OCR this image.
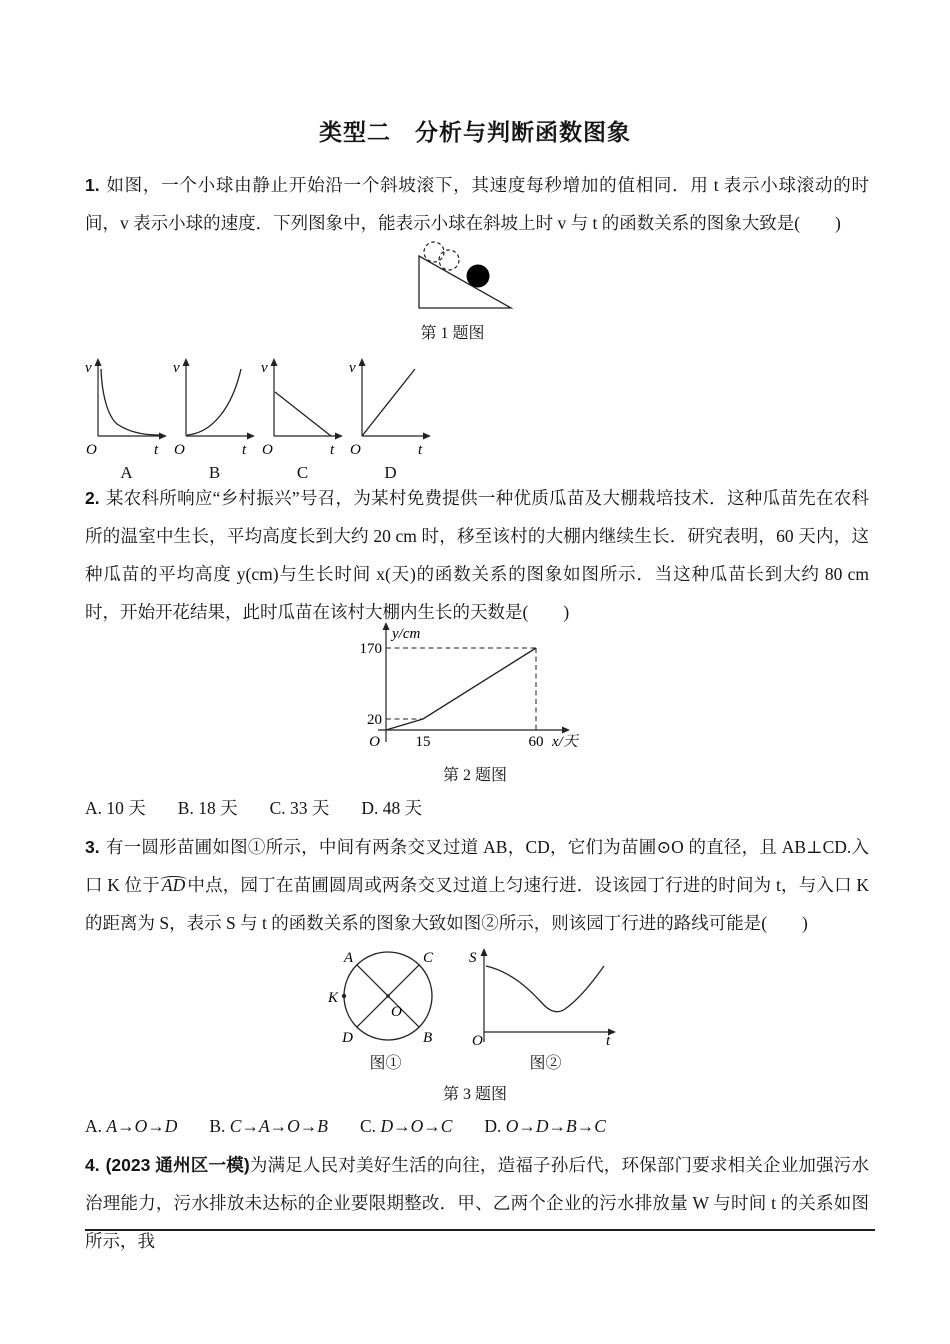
类型二　分析与判断函数图象
1. 如图，一个小球由静止开始沿一个斜坡滚下，其速度每秒增加的值相同．用 t 表示小球滚动的时间，v 表示小球的速度．下列图象中，能表示小球在斜坡上时 v 与 t 的函数关系的图象大致是(　　)
第 1 题图
v
t
O
A
v
t
O
B
v
t
O
C
v
t
O
D
2. 某农科所响应“乡村振兴”号召，为某村免费提供一种优质瓜苗及大棚栽培技术．这种瓜苗先在农科所的温室中生长，平均高度长到大约 20 cm 时，移至该村的大棚内继续生长．研究表明，60 天内，这种瓜苗的平均高度 y(cm)与生长时间 x(天)的函数关系的图象如图所示．当这种瓜苗长到大约 80 cm 时，开始开花结果，此时瓜苗在该村大棚内生长的天数是(　　)
y/cm
170
20
O 15	60 x/天
第 2 题图
A. 10 天 B. 18 天 C. 33 天 D. 48 天
3. 有一圆形苗圃如图①所示，中间有两条交叉过道 AB，CD，它们为苗圃⊙O 的直径，且 AB⊥CD.入口 K 位于 AD 中点，园丁在苗圃圆周或两条交叉过道上匀速行进．设该园丁行进的时间为 t，与入口 K 的距离为 S，表示 S 与 t 的函数关系的图象大致如图②所示，则该园丁行进的路线可能是(　　)
A	C
K
O
D	B
图①
S
O	t
图②
第 3 题图
A. A→O→D B. C→A→O→B C. D→O→C D. O→D→B→C
4. (2023 通州区一模)为满足人民对美好生活的向往，造福子孙后代，环保部门要求相关企业加强污水治理能力，污水排放未达标的企业要限期整改．甲、乙两个企业的污水排放量 W 与时间 t 的关系如图所示，我
